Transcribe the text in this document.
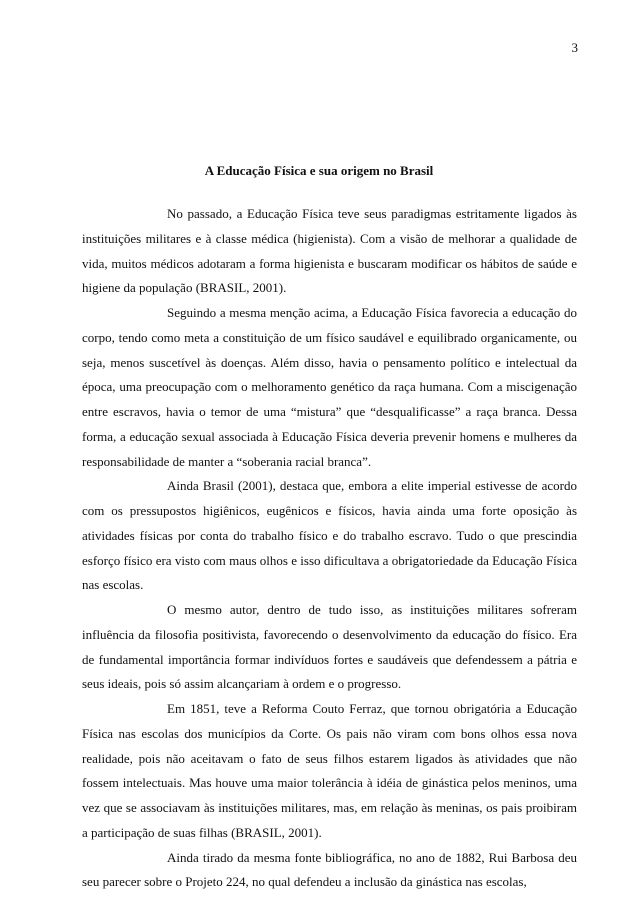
3
A Educação Física e sua origem no Brasil

No passado, a Educação Física teve seus paradigmas estritamente ligados às instituições militares e à classe médica (higienista). Com a visão de melhorar a qualidade de vida, muitos médicos adotaram a forma higienista e buscaram modificar os hábitos de saúde e higiene da população (BRASIL, 2001).

Seguindo a mesma menção acima, a Educação Física favorecia a educação do corpo, tendo como meta a constituição de um físico saudável e equilibrado organicamente, ou seja, menos suscetível às doenças. Além disso, havia o pensamento político e intelectual da época, uma preocupação com o melhoramento genético da raça humana. Com a miscigenação entre escravos, havia o temor de uma “mistura” que “desqualificasse” a raça branca. Dessa forma, a educação sexual associada à Educação Física deveria prevenir homens e mulheres da responsabilidade de manter a “soberania racial branca”.

Ainda Brasil (2001), destaca que, embora a elite imperial estivesse de acordo com os pressupostos higiênicos, eugênicos e físicos, havia ainda uma forte oposição às atividades físicas por conta do trabalho físico e do trabalho escravo. Tudo o que prescindia esforço físico era visto com maus olhos e isso dificultava a obrigatoriedade da Educação Física nas escolas.

O mesmo autor, dentro de tudo isso, as instituições militares sofreram influência da filosofia positivista, favorecendo o desenvolvimento da educação do físico. Era de fundamental importância formar indivíduos fortes e saudáveis que defendessem a pátria e seus ideais, pois só assim alcançariam à ordem e o progresso.

Em 1851, teve a Reforma Couto Ferraz, que tornou obrigatória a Educação Física nas escolas dos municípios da Corte. Os pais não viram com bons olhos essa nova realidade, pois não aceitavam o fato de seus filhos estarem ligados às atividades que não fossem intelectuais. Mas houve uma maior tolerância à idéia de ginástica pelos meninos, uma vez que se associavam às instituições militares, mas, em relação às meninas, os pais proibiram a participação de suas filhas (BRASIL, 2001).

Ainda tirado da mesma fonte bibliográfica, no ano de 1882, Rui Barbosa deu seu parecer sobre o Projeto 224, no qual defendeu a inclusão da ginástica nas escolas,
